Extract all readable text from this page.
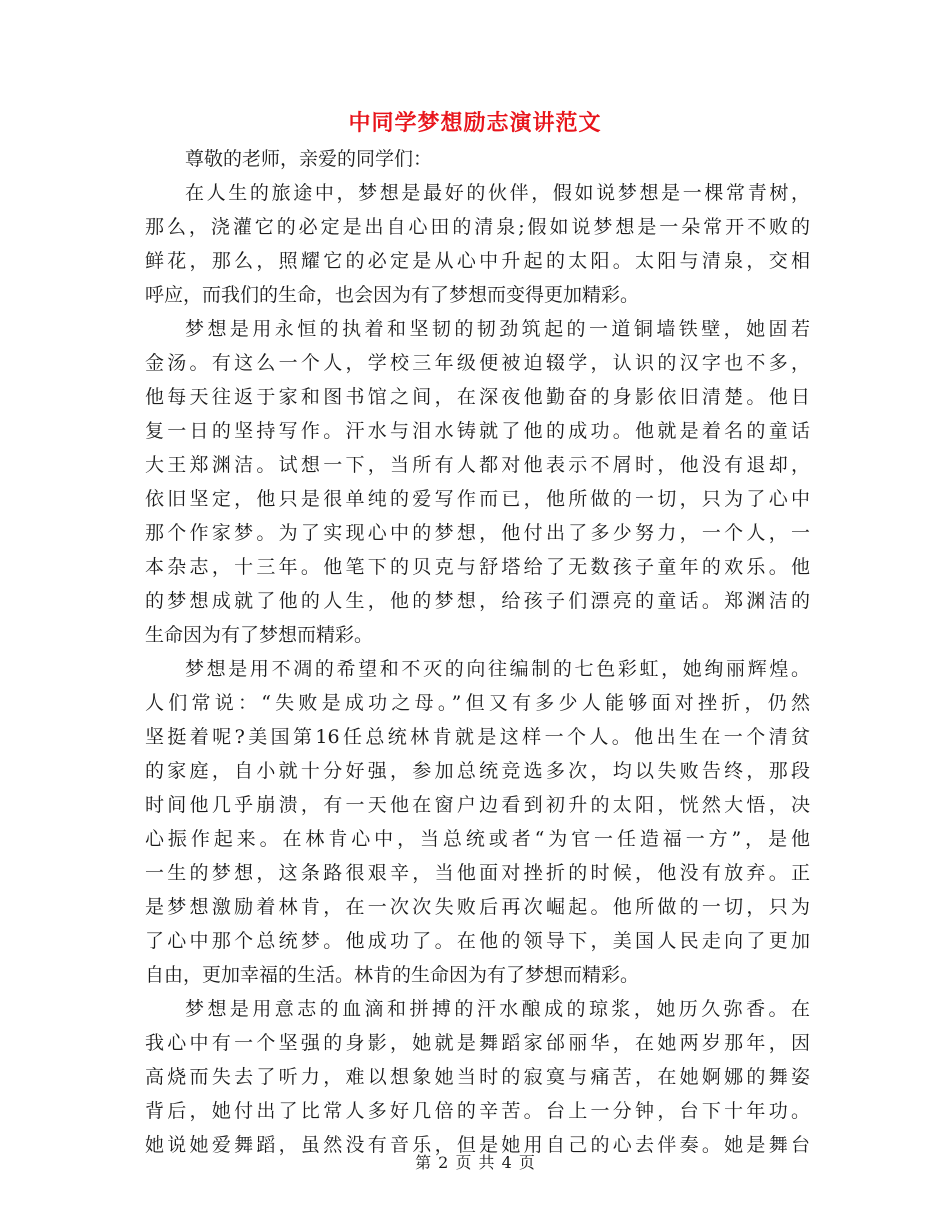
中同学梦想励志演讲范文
尊敬的老师，亲爱的同学们：
在人生的旅途中，梦想是最好的伙伴，假如说梦想是一棵常青树，
那么，浇灌它的必定是出自心田的清泉;假如说梦想是一朵常开不败的
鲜花，那么，照耀它的必定是从心中升起的太阳。太阳与清泉，交相
呼应，而我们的生命，也会因为有了梦想而变得更加精彩。
梦想是用永恒的执着和坚韧的韧劲筑起的一道铜墙铁壁，她固若
金汤。有这么一个人，学校三年级便被迫辍学，认识的汉字也不多，
他每天往返于家和图书馆之间，在深夜他勤奋的身影依旧清楚。他日
复一日的坚持写作。汗水与泪水铸就了他的成功。他就是着名的童话
大王郑渊洁。试想一下，当所有人都对他表示不屑时，他没有退却，
依旧坚定，他只是很单纯的爱写作而已，他所做的一切，只为了心中
那个作家梦。为了实现心中的梦想，他付出了多少努力，一个人，一
本杂志，十三年。他笔下的贝克与舒塔给了无数孩子童年的欢乐。他
的梦想成就了他的人生，他的梦想，给孩子们漂亮的童话。郑渊洁的
生命因为有了梦想而精彩。
梦想是用不凋的希望和不灭的向往编制的七色彩虹，她绚丽辉煌。
人们常说：“失败是成功之母。”但又有多少人能够面对挫折，仍然
坚挺着呢?美国第16任总统林肯就是这样一个人。他出生在一个清贫
的家庭，自小就十分好强，参加总统竞选多次，均以失败告终，那段
时间他几乎崩溃，有一天他在窗户边看到初升的太阳，恍然大悟，决
心振作起来。在林肯心中，当总统或者“为官一任造福一方”，是他
一生的梦想，这条路很艰辛，当他面对挫折的时候，他没有放弃。正
是梦想激励着林肯，在一次次失败后再次崛起。他所做的一切，只为
了心中那个总统梦。他成功了。在他的领导下，美国人民走向了更加
自由，更加幸福的生活。林肯的生命因为有了梦想而精彩。
梦想是用意志的血滴和拼搏的汗水酿成的琼浆，她历久弥香。在
我心中有一个坚强的身影，她就是舞蹈家邰丽华，在她两岁那年，因
高烧而失去了听力，难以想象她当时的寂寞与痛苦，在她婀娜的舞姿
背后，她付出了比常人多好几倍的辛苦。台上一分钟，台下十年功。
她说她爱舞蹈，虽然没有音乐，但是她用自己的心去伴奏。她是舞台
第 2 页 共 4 页
